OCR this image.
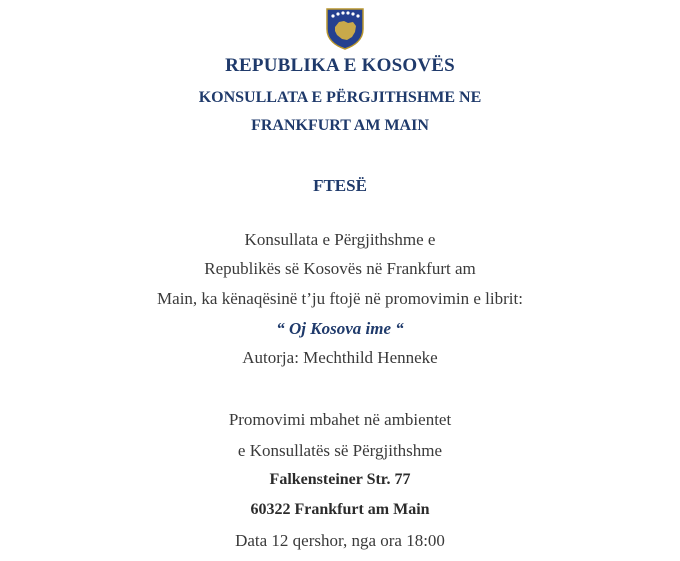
REPUBLIKA E KOSOVËS
KONSULLATA E PËRGJITHSHME NE
FRANKFURT AM MAIN
FTESË
Konsullata e Përgjithshme e
Republikës së Kosovës në Frankfurt am
Main, ka kënaqësinë t’ju ftojë në promovimin e librit:
“ Oj Kosova ime “
Autorja: Mechthild Henneke
Promovimi mbahet në ambientet
e Konsullatës së Përgjithshme
Falkensteiner Str. 77
60322 Frankfurt am Main
Data 12 qershor, nga ora 18:00
